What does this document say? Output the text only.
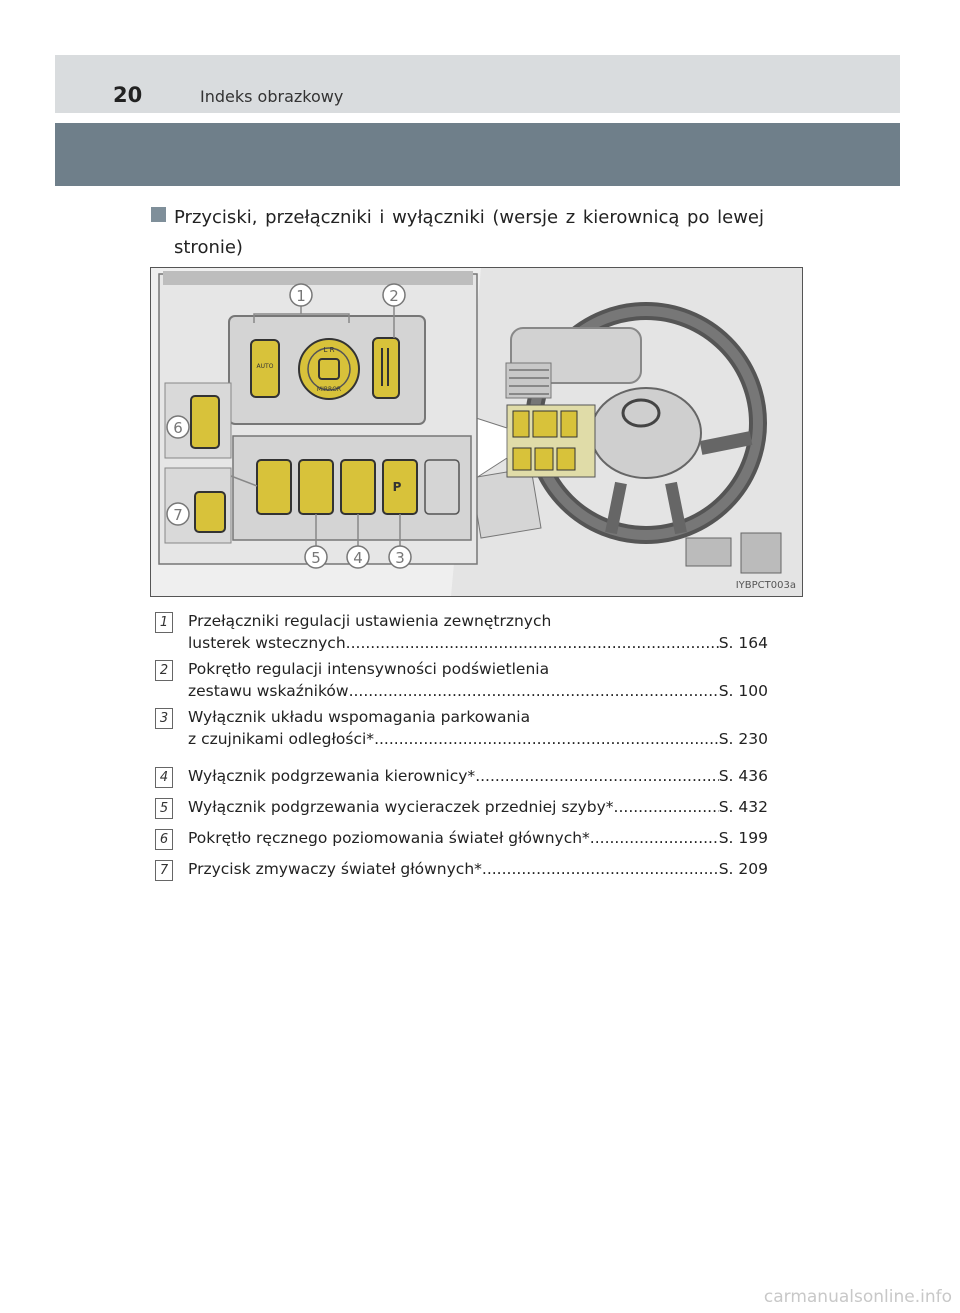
20	Indeks obrazkowy
Przyciski, przełączniki i wyłączniki (wersje z kierownicą po lewej stronie)
1	2
3
4
5
6
7
MIRROR
AUTO
L R
P
IYBPCT003a
1	Przełączniki regulacji ustawienia zewnętrznych
lusterek wstecznych .....	S. 164
2	Pokrętło regulacji intensywności podświetlenia
zestawu wskaźników .....	S. 100
3	Wyłącznik układu wspomagania parkowania
z czujnikami odległości* .....	S. 230
4	Wyłącznik podgrzewania kierownicy* .....	S. 436
5	Wyłącznik podgrzewania wycieraczek przedniej szyby* .....	S. 432
6	Pokrętło ręcznego poziomowania świateł głównych* .....	S. 199
7	Przycisk zmywaczy świateł głównych* .....	S. 209
carmanualsonline.info
